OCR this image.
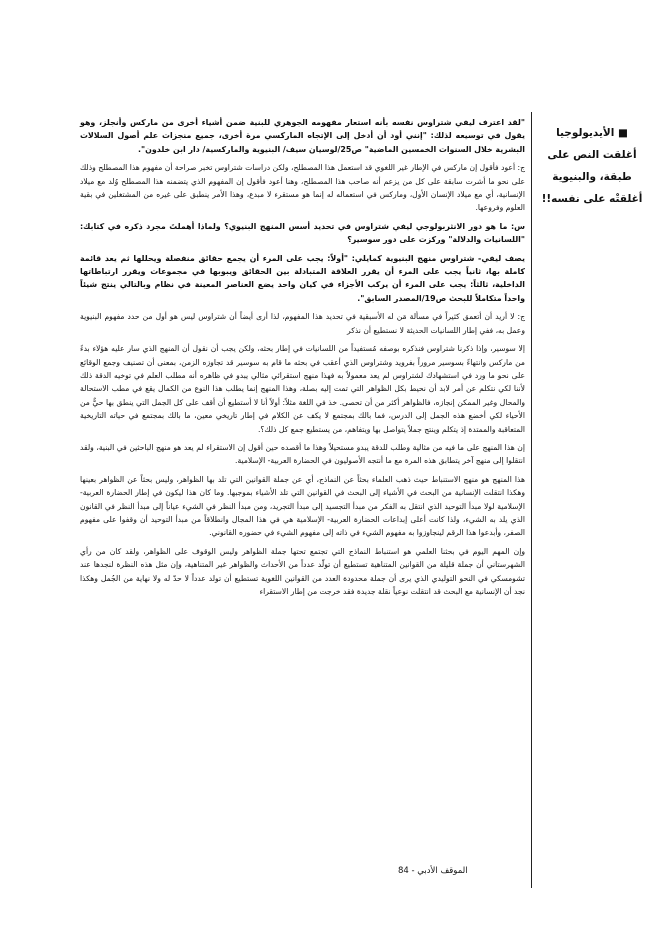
■ الأيديولوجيا
أغلقت النص على
طبقة، والبنيوية
أغلقتْه على نفسه!!

"لقد اعترف ليفي شتراوس نفسه بأنه استعار مفهومه الجوهري للبنية ضمن أشياء أخرى من ماركس وأنجلز، وهو يقول في توسيعه لذلك: "إنني أود أن أدخل إلى الإتجاه الماركسي مرة أخرى، جميع منجزات علم أصول السلالات البشرية خلال السنوات الخمسين الماضية" ص25/لوسيان سيف/ البنيوية والماركسية/ دار ابن خلدون".

ج: أعود فأقول إن ماركس في الإطار غير اللغوي قد استعمل هذا المصطلح، ولكن دراسات شتراوس تخبر صراحة أن مفهوم هذا المصطلح وذلك على نحو ما أشرت سابقة على كل من يزعم أنه صاحب هذا المصطلح، وهنا أعود فأقول إن المفهوم الذي يتضمنه هذا المصطلح وُلد مع ميلاد الإنسانية، أي مع ميلاد الإنسان الأول، وماركس في استعماله له إنما هو مستقرء لا مبدع، وهذا الأمر ينطبق على غيره من المشتغلين في بقية العلوم وفروعها.

س: ما هو دور الانثربولوجي ليفي شتراوس في تحديد أسس المنهج البنيوي؟ ولماذا أهملتَ مجرد ذكره في كتابك: "اللسانيات والدلالة" وركزت على دور سوسير؟

يصف ليفي- شتراوس منهج البنيوية كمايلي: "أولاً: يجب على المرء أن يجمع حقائق منفصلة ويحللها ثم يعد قائمة كاملة بها، ثانياً يجب على المرء أن يقرر العلاقة المتبادلة بين الحقائق ويبوبها في مجموعات ويقرر ارتباطاتها الداخلية، ثالثاً: يجب على المرء أن يركب الأجزاء في كيان واحد يضع العناصر المعينة في نظام وبالتالي ينتج شيئاً واحداً متكاملاً للبحث ص19/المصدر السابق".

ج: لا أريد أن أتعمق كثيراً في مسألة مَن له الأسبقية في تحديد هذا المفهوم، لذا أرى أيضاً أن شتراوس ليس هو أول من حدد مفهوم البنيوية وعمل به، ففي إطار اللسانيات الحديثة لا نستطيع أن نذكر

إلا سوسير، وإذا ذكرنا شتراوس فنذكره بوصفه مُستفيداً من اللسانيات في إطار بحثه، ولكن يجب أن نقول أن المنهج الذي سار عليه هؤلاء بدءً من ماركس وانتهاءً بسوسير مروراً بفرويد وشتراوس الذي أعقب في بحثه ما قام به سوسير قد تجاوزه الزمن، بمعنى أن تصنيف وجمع الوقائع على نحو ما ورد في استشهادك لشتراوس لم يعد معمولاً به فهذا منهج استقرائي مثالي يبدو في ظاهره أنه مطلب العلم في توخيه الدقة ذلك لأننا لكي نتكلم عن أمر لابد أن نحيط بكل الظواهر التي تمت إليه بصلة، وهذا المنهج إنما يطلب هذا النوع من الكمال يقع في مطب الاستحالة والمحال وغير الممكن إنجازه، فالظواهر أكثر من أن تحصى. خذ في اللغة مثلاً: أولاً أنا لا أستطيع أن أقف على كل الجمل التي ينطق بها حيٌّ من الأحياء لكي أخضع هذه الجمل إلى الدرس، فما بالك بمجتمع لا يكف عن الكلام في إطار تاريخي معين، ما بالك بمجتمع في حياته التاريخية المتعاقبة والممتدة إذ يتكلم وينتج جملاً يتواصل بها ويتفاهم، من يستطيع جمع كل ذلك؟.

إن هذا المنهج على ما فيه من مثالية وطلب للدقة يبدو مستحيلاً وهذا ما أقصده حين أقول إن الاستقراء لم يعد هو منهج الباحثين في البنية، ولقد انتقلوا إلى منهج آخر يتطابق هذه المرة مع ما أنتجه الأصوليون في الحضارة العربية- الإسلامية.

هذا المنهج هو منهج الاستنباط حيث ذهب العلماء بحثاً عن النماذج، أي عن جملة القوانين التي تلد بها الظواهر، وليس بحثاً عن الظواهر بعينها وهكذا انتقلت الإنسانية من البحث في الأشياء إلى البحث في القوانين التي تلد الأشياء بموجبها. وما كان هذا ليكون في إطار الحضارة العربية- الإسلامية لولا مبدأ التوحيد الذي انتقل به الفكر من مبدأ التجسيد إلى مبدأ التجريد، ومن مبدأ النظر في الشيء عياناً إلى مبدأ النظر في القانون الذي يلد به الشيء، ولذا كانت أعلى إبداعات الحضارة العربية- الإسلامية هي في هذا المجال وانطلاقاً من مبدأ التوحيد أن وقفوا على مفهوم الصفر، وأبدعوا هذا الرقم لينجاوزوا به مفهوم الشيء في ذاته إلى مفهوم الشيء في حضوره القانوني.

وإن المهم اليوم في بحثنا العلمي هو استنباط النماذج التي تجتمع تحتها جملة الظواهر وليس الوقوف على الظواهر، ولقد كان من رأي الشهرستاني أن جملة قليلة من القوانين المتناهية تستطيع أن تولّد عدداً من الأحداث والظواهر غير المتناهية، وإن مثل هذه النظرة لنجدها عند تشومسكي في النحو التوليدي الذي يرى أن جملة محدودة العدد من القوانين اللغوية تستطيع أن تولد عدداً لا حدّ له ولا نهاية من الجُمل وهكذا نجد أن الإنسانية مع البحث قد انتقلت نوعياً نقلة جديدة فقد خرجت من إطار الاستقراء

الموقف الأدبي - 84
